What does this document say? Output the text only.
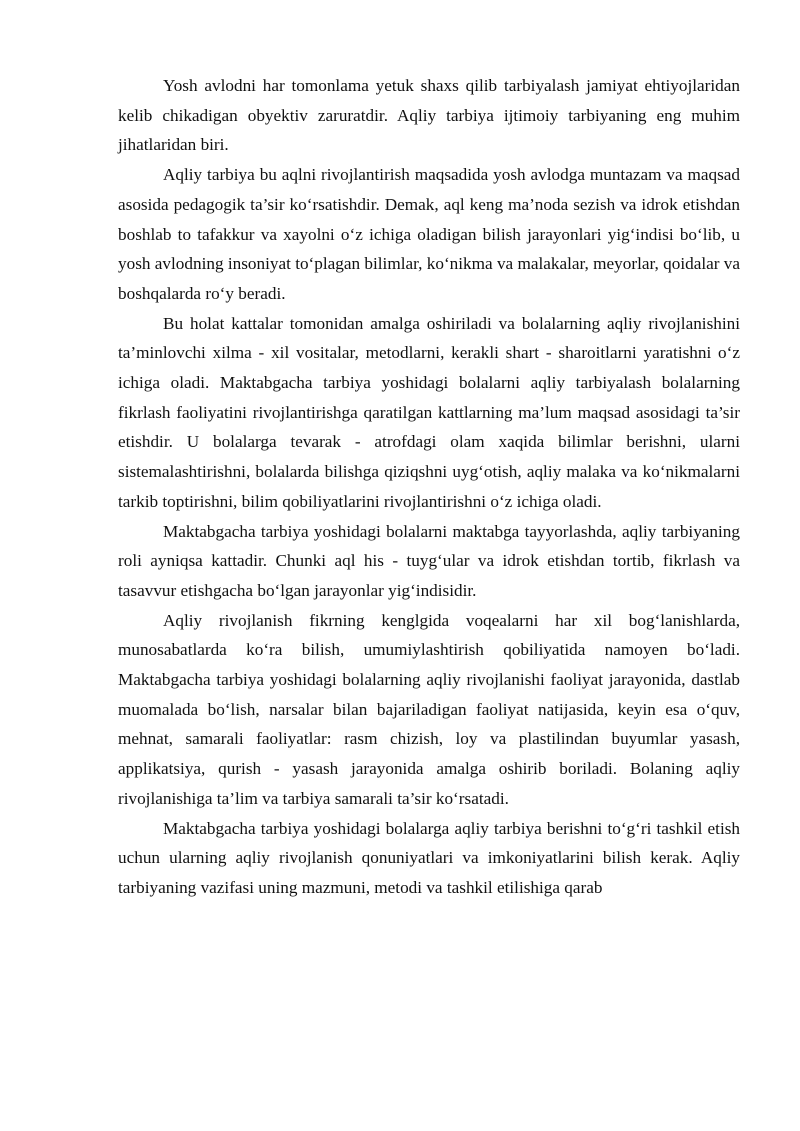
Yosh avlodni har tomonlama yetuk shaxs qilib tarbiyalash jamiyat ehtiyojlaridan kelib chikadigan obyektiv zaruratdir. Aqliy tarbiya ijtimoiy tarbiyaning eng muhim jihatlaridan biri.

Aqliy tarbiya bu aqlni rivojlantirish maqsadida yosh avlodga muntazam va maqsad asosida pedagogik ta’sir ko‘rsatishdir. Demak, aql keng ma’noda sezish va idrok etishdan boshlab to tafakkur va xayolni o‘z ichiga oladigan bilish jarayonlari yig‘indisi bo‘lib, u yosh avlodning insoniyat to‘plagan bilimlar, ko‘nikma va malakalar, meyorlar, qoidalar va boshqalarda ro‘y beradi.

Bu holat kattalar tomonidan amalga oshiriladi va bolalarning aqliy rivojlanishini ta’minlovchi xilma - xil vositalar, metodlarni, kerakli shart - sharoitlarni yaratishni o‘z ichiga oladi. Maktabgacha tarbiya yoshidagi bolalarni aqliy tarbiyalash bolalarning fikrlash faoliyatini rivojlantirishga qaratilgan kattlarning ma’lum maqsad asosidagi ta’sir etishdir. U bolalarga tevarak - atrofdagi olam xaqida bilimlar berishni, ularni sistemalashtirishni, bolalarda bilishga qiziqshni uyg‘otish, aqliy malaka va ko‘nikmalarni tarkib toptirishni, bilim qobiliyatlarini rivojlantirishni o‘z ichiga oladi.

Maktabgacha tarbiya yoshidagi bolalarni maktabga tayyorlashda, aqliy tarbiyaning roli ayniqsa kattadir. Chunki aql his - tuyg‘ular va idrok etishdan tortib, fikrlash va tasavvur etishgacha bo‘lgan jarayonlar yig‘indisidir.

Aqliy rivojlanish fikrning kenglgida voqealarni har xil bog‘lanishlarda, munosabatlarda ko‘ra bilish, umumiylashtirish qobiliyatida namoyen bo‘ladi. Maktabgacha tarbiya yoshidagi bolalarning aqliy rivojlanishi faoliyat jarayonida, dastlab muomalada bo‘lish, narsalar bilan bajariladigan faoliyat natijasida, keyin esa o‘quv, mehnat, samarali faoliyatlar: rasm chizish, loy va plastilindan buyumlar yasash, applikatsiya, qurish - yasash jarayonida amalga oshirib boriladi. Bolaning aqliy rivojlanishiga ta’lim va tarbiya samarali ta’sir ko‘rsatadi.

Maktabgacha tarbiya yoshidagi bolalarga aqliy tarbiya berishni to‘g‘ri tashkil etish uchun ularning aqliy rivojlanish qonuniyatlari va imkoniyatlarini bilish kerak. Aqliy tarbiyaning vazifasi uning mazmuni, metodi va tashkil etilishiga qarab
